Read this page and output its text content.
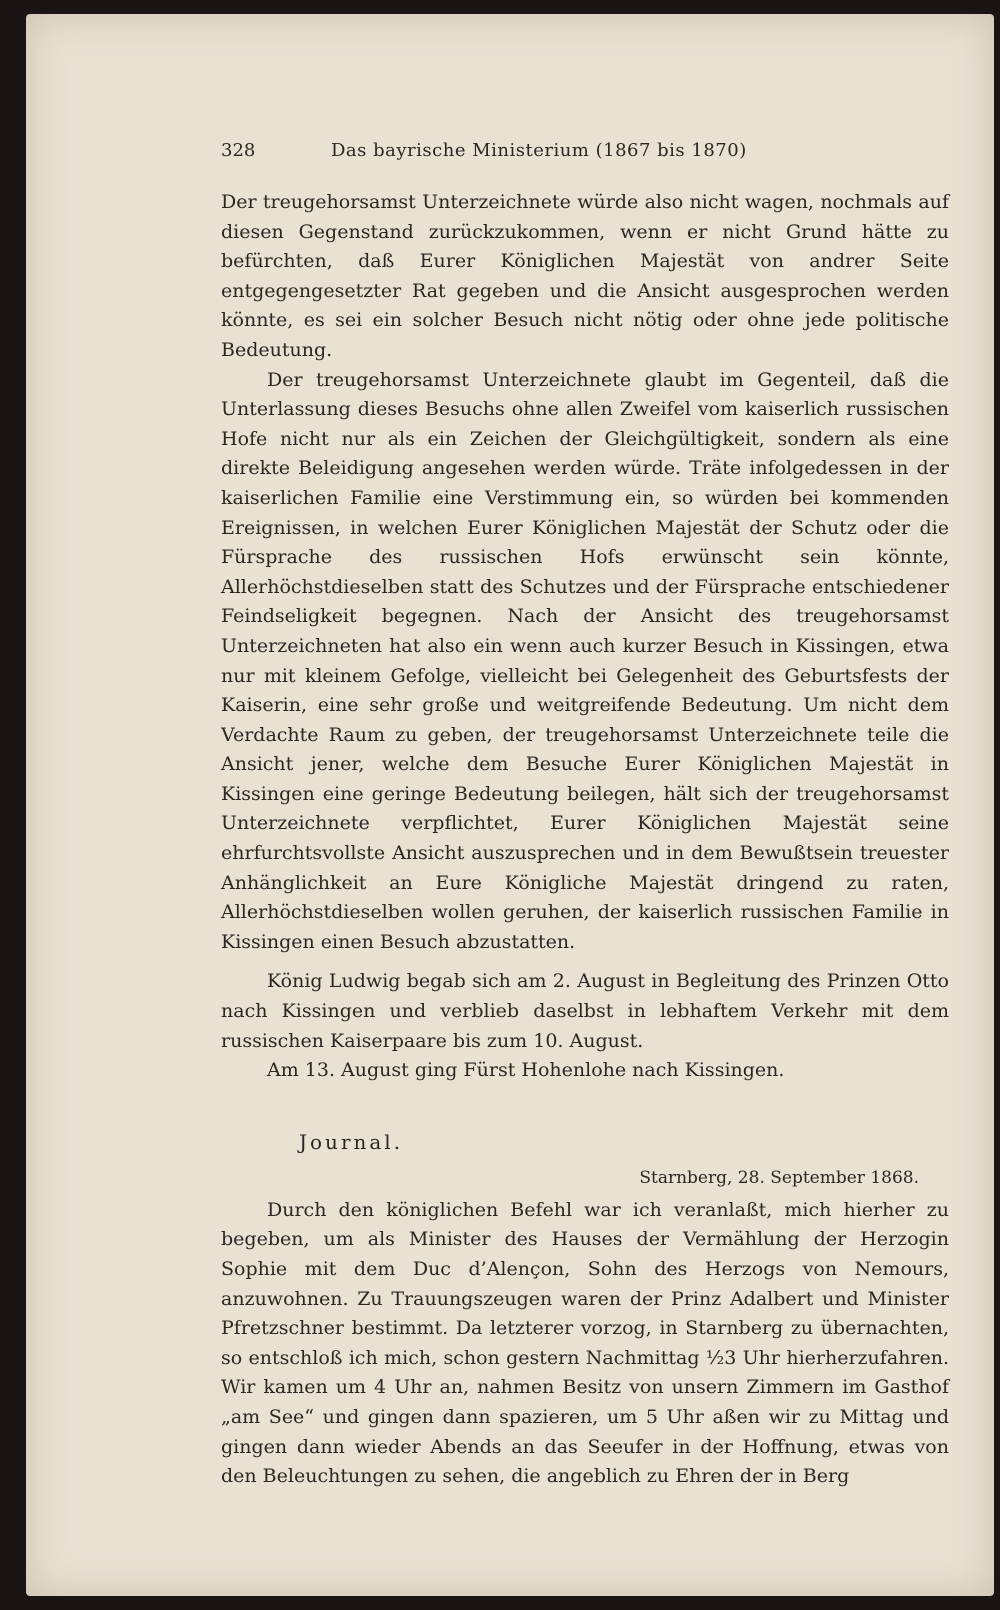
328	Das bayrische Ministerium (1867 bis 1870)

Der treugehorsamst Unterzeichnete würde also nicht wagen, nochmals auf diesen Gegenstand zurückzukommen, wenn er nicht Grund hätte zu befürchten, daß Eurer Königlichen Majestät von andrer Seite entgegengesetzter Rat gegeben und die Ansicht ausgesprochen werden könnte, es sei ein solcher Besuch nicht nötig oder ohne jede politische Bedeutung.

Der treugehorsamst Unterzeichnete glaubt im Gegenteil, daß die Unterlassung dieses Besuchs ohne allen Zweifel vom kaiserlich russischen Hofe nicht nur als ein Zeichen der Gleichgültigkeit, sondern als eine direkte Beleidigung angesehen werden würde. Träte infolgedessen in der kaiserlichen Familie eine Verstimmung ein, so würden bei kommenden Ereignissen, in welchen Eurer Königlichen Majestät der Schutz oder die Fürsprache des russischen Hofs erwünscht sein könnte, Allerhöchstdieselben statt des Schutzes und der Fürsprache entschiedener Feindseligkeit begegnen. Nach der Ansicht des treugehorsamst Unterzeichneten hat also ein wenn auch kurzer Besuch in Kissingen, etwa nur mit kleinem Gefolge, vielleicht bei Gelegenheit des Geburtsfests der Kaiserin, eine sehr große und weitgreifende Bedeutung. Um nicht dem Verdachte Raum zu geben, der treugehorsamst Unterzeichnete teile die Ansicht jener, welche dem Besuche Eurer Königlichen Majestät in Kissingen eine geringe Bedeutung beilegen, hält sich der treugehorsamst Unterzeichnete verpflichtet, Eurer Königlichen Majestät seine ehrfurchtsvollste Ansicht auszusprechen und in dem Bewußtsein treuester Anhänglichkeit an Eure Königliche Majestät dringend zu raten, Allerhöchstdieselben wollen geruhen, der kaiserlich russischen Familie in Kissingen einen Besuch abzustatten.

König Ludwig begab sich am 2. August in Begleitung des Prinzen Otto nach Kissingen und verblieb daselbst in lebhaftem Verkehr mit dem russischen Kaiserpaare bis zum 10. August.

Am 13. August ging Fürst Hohenlohe nach Kissingen.

Journal.
Starnberg, 28. September 1868.

Durch den königlichen Befehl war ich veranlaßt, mich hierher zu begeben, um als Minister des Hauses der Vermählung der Herzogin Sophie mit dem Duc d’Alençon, Sohn des Herzogs von Nemours, anzuwohnen. Zu Trauungszeugen waren der Prinz Adalbert und Minister Pfretzschner bestimmt. Da letzterer vorzog, in Starnberg zu übernachten, so entschloß ich mich, schon gestern Nachmittag ½3 Uhr hierherzufahren. Wir kamen um 4 Uhr an, nahmen Besitz von unsern Zimmern im Gasthof „am See“ und gingen dann spazieren, um 5 Uhr aßen wir zu Mittag und gingen dann wieder Abends an das Seeufer in der Hoffnung, etwas von den Beleuchtungen zu sehen, die angeblich zu Ehren der in Berg
